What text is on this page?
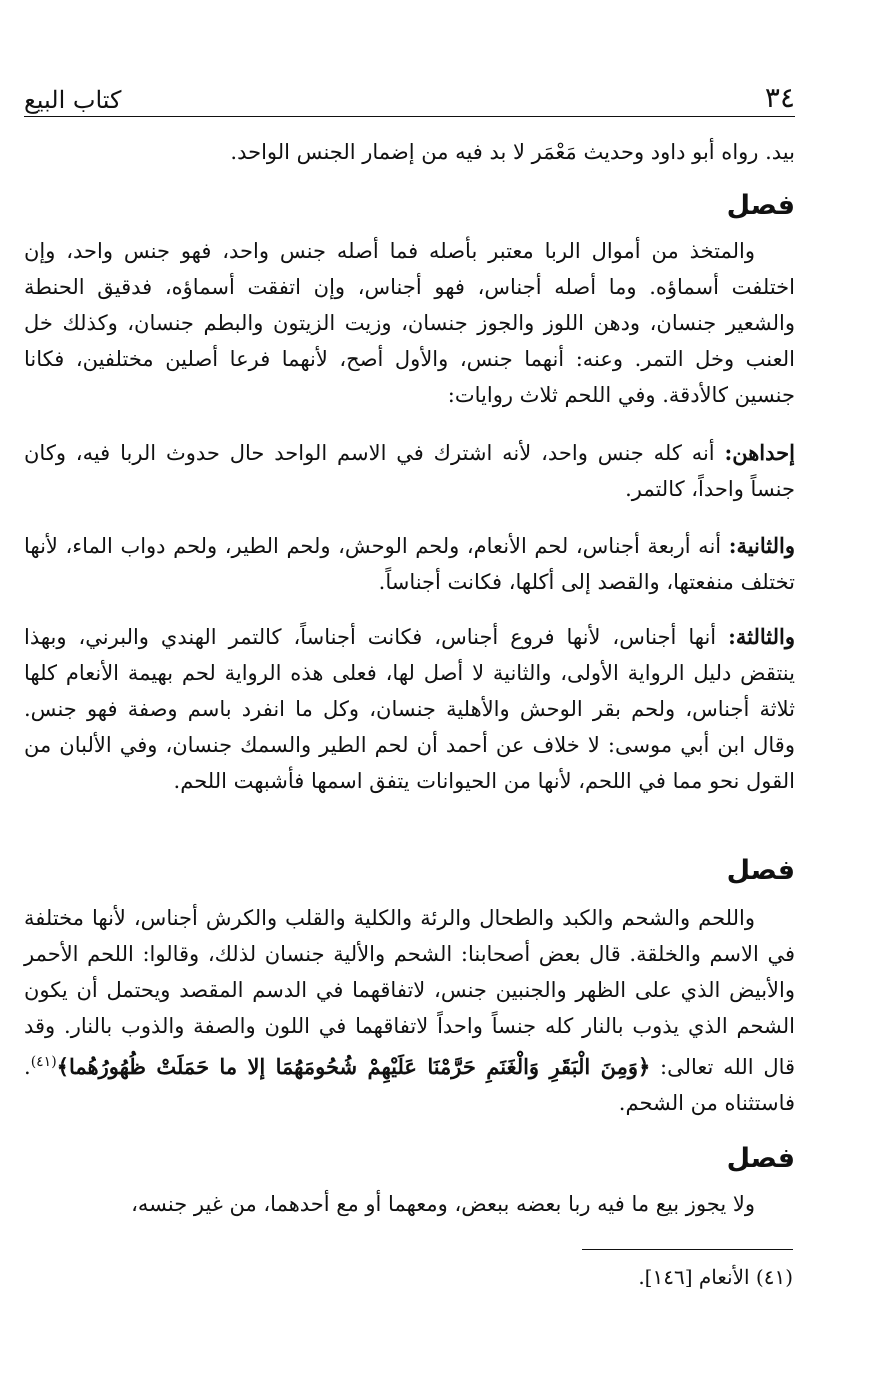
كتاب البيع	٣٤

بيد. رواه أبو داود وحديث مَعْمَر لا بد فيه من إضمار الجنس الواحد.

فصل

والمتخذ من أموال الربا معتبر بأصله فما أصله جنس واحد، فهو جنس واحد، وإن اختلفت أسماؤه. وما أصله أجناس، فهو أجناس، وإن اتفقت أسماؤه، فدقيق الحنطة والشعير جنسان، ودهن اللوز والجوز جنسان، وزيت الزيتون والبطم جنسان، وكذلك خل العنب وخل التمر. وعنه: أنهما جنس، والأول أصح، لأنهما فرعا أصلين مختلفين، فكانا جنسين كالأدقة. وفي اللحم ثلاث روايات:

إحداهن: أنه كله جنس واحد، لأنه اشترك في الاسم الواحد حال حدوث الربا فيه، وكان جنساً واحداً، كالتمر.

والثانية: أنه أربعة أجناس، لحم الأنعام، ولحم الوحش، ولحم الطير، ولحم دواب الماء، لأنها تختلف منفعتها، والقصد إلى أكلها، فكانت أجناساً.

والثالثة: أنها أجناس، لأنها فروع أجناس، فكانت أجناساً، كالتمر الهندي والبرني، وبهذا ينتقض دليل الرواية الأولى، والثانية لا أصل لها، فعلى هذه الرواية لحم بهيمة الأنعام كلها ثلاثة أجناس، ولحم بقر الوحش والأهلية جنسان، وكل ما انفرد باسم وصفة فهو جنس. وقال ابن أبي موسى: لا خلاف عن أحمد أن لحم الطير والسمك جنسان، وفي الألبان من القول نحو مما في اللحم، لأنها من الحيوانات يتفق اسمها فأشبهت اللحم.

فصل

واللحم والشحم والكبد والطحال والرئة والكلية والقلب والكرش أجناس، لأنها مختلفة في الاسم والخلقة. قال بعض أصحابنا: الشحم والألية جنسان لذلك، وقالوا: اللحم الأحمر والأبيض الذي على الظهر والجنبين جنس، لاتفاقهما في الدسم المقصد ويحتمل أن يكون الشحم الذي يذوب بالنار كله جنساً واحداً لاتفاقهما في اللون والصفة والذوب بالنار. وقد قال الله تعالى: ﴿وَمِنَ الْبَقَرِ وَالْغَنَمِ حَرَّمْنَا عَلَيْهِمْ شُحُومَهُمَا إلا ما حَمَلَتْ ظُهُورُهُما﴾$^{(٤١)}$. فاستثناه من الشحم.

فصل

ولا يجوز بيع ما فيه ربا بعضه ببعض، ومعهما أو مع أحدهما، من غير جنسه،

(٤١) الأنعام [١٤٦].
